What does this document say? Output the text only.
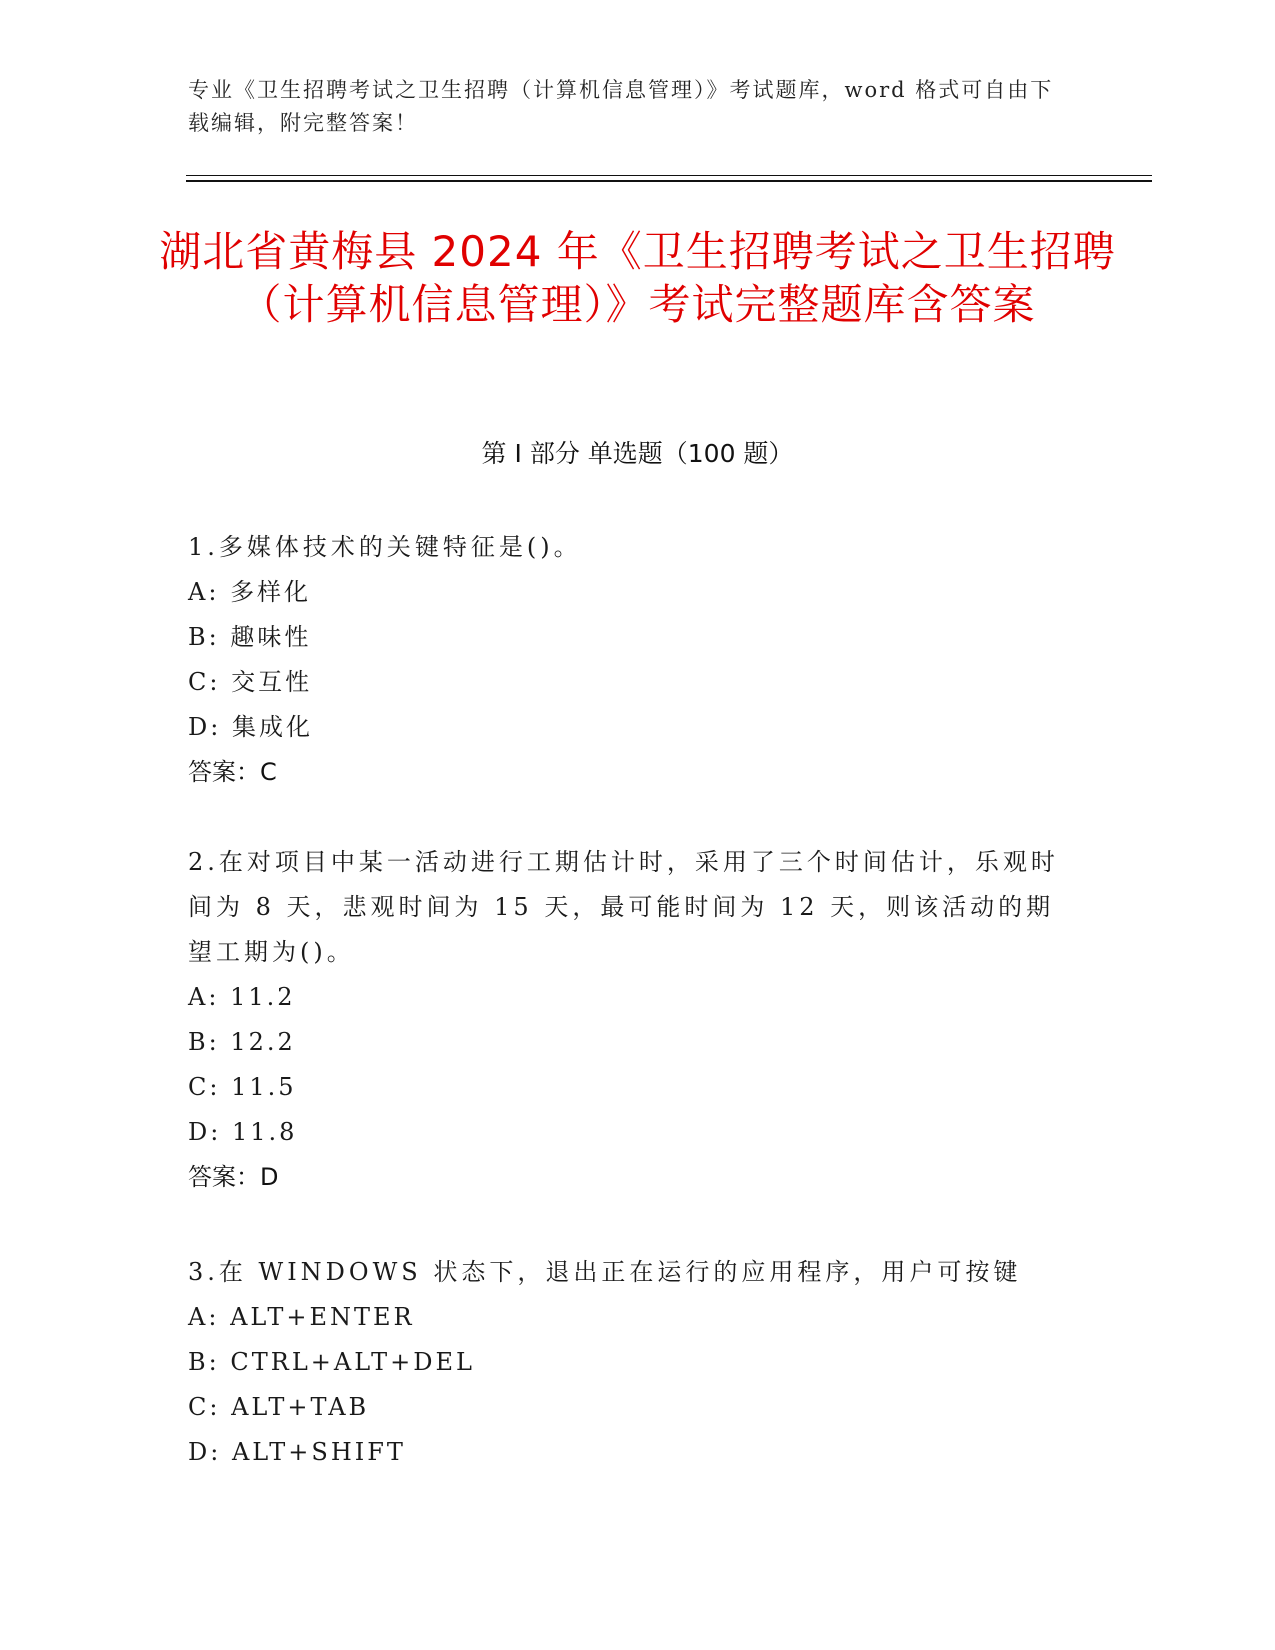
专业《卫生招聘考试之卫生招聘（计算机信息管理）》考试题库，word 格式可自由下载编辑，附完整答案！
湖北省黄梅县 2024 年《卫生招聘考试之卫生招聘（计算机信息管理）》考试完整题库含答案
第 I 部分 单选题（100 题）
1.多媒体技术的关键特征是()。
A: 多样化
B: 趣味性
C: 交互性
D: 集成化
答案：C
2.在对项目中某一活动进行工期估计时，采用了三个时间估计，乐观时间为 8 天，悲观时间为 15 天，最可能时间为 12 天，则该活动的期望工期为()。
A: 11.2
B: 12.2
C: 11.5
D: 11.8
答案：D
3.在 WINDOWS 状态下，退出正在运行的应用程序，用户可按键
A: ALT+ENTER
B: CTRL+ALT+DEL
C: ALT+TAB
D: ALT+SHIFT
